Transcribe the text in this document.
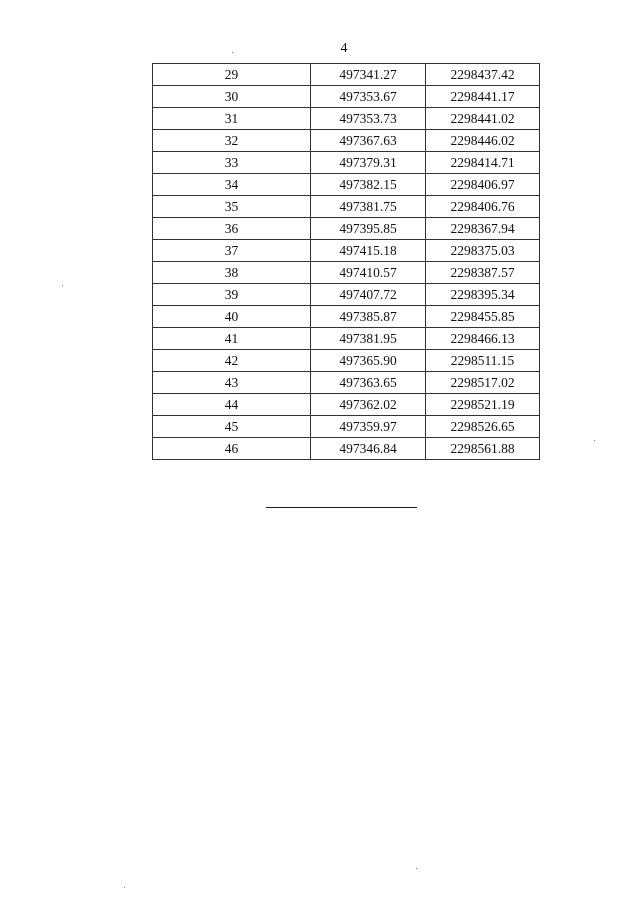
4
29	497341.27	2298437.42
30	497353.67	2298441.17
31	497353.73	2298441.02
32	497367.63	2298446.02
33	497379.31	2298414.71
34	497382.15	2298406.97
35	497381.75	2298406.76
36	497395.85	2298367.94
37	497415.18	2298375.03
38	497410.57	2298387.57
39	497407.72	2298395.34
40	497385.87	2298455.85
41	497381.95	2298466.13
42	497365.90	2298511.15
43	497363.65	2298517.02
44	497362.02	2298521.19
45	497359.97	2298526.65
46	497346.84	2298561.88
